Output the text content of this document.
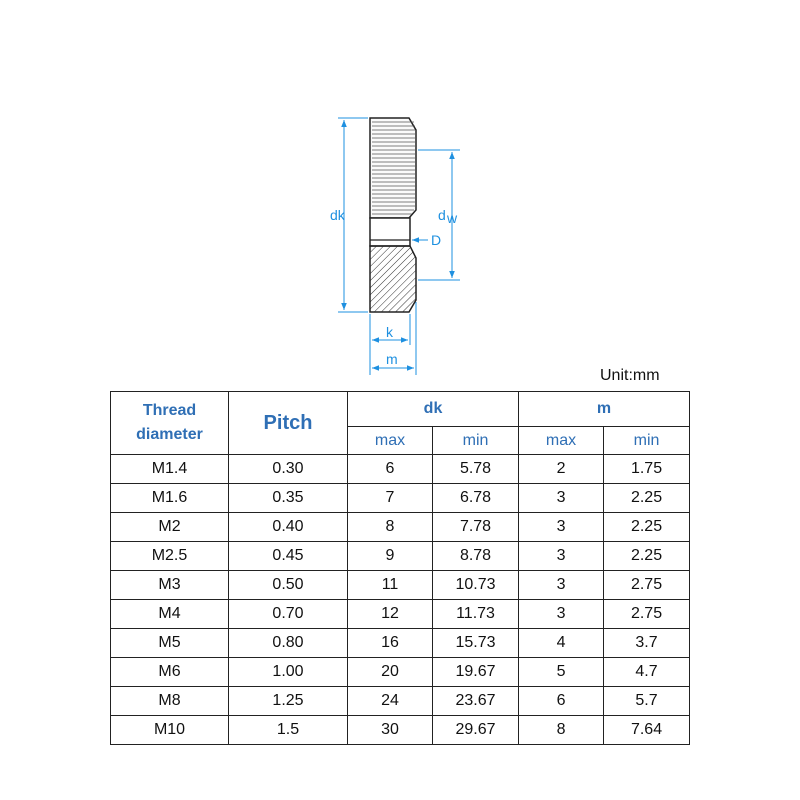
dk	d w
D
k
m
Unit:mm
Thread
diameter	Pitch	dk		m	
		max	min	max	min
M1.4	0.30	6	5.78	2	1.75
M1.6	0.35	7	6.78	3	2.25
M2	0.40	8	7.78	3	2.25
M2.5	0.45	9	8.78	3	2.25
M3	0.50	11	10.73	3	2.75
M4	0.70	12	11.73	3	2.75
M5	0.80	16	15.73	4	3.7
M6	1.00	20	19.67	5	4.7
M8	1.25	24	23.67	6	5.7
M10	1.5	30	29.67	8	7.64
